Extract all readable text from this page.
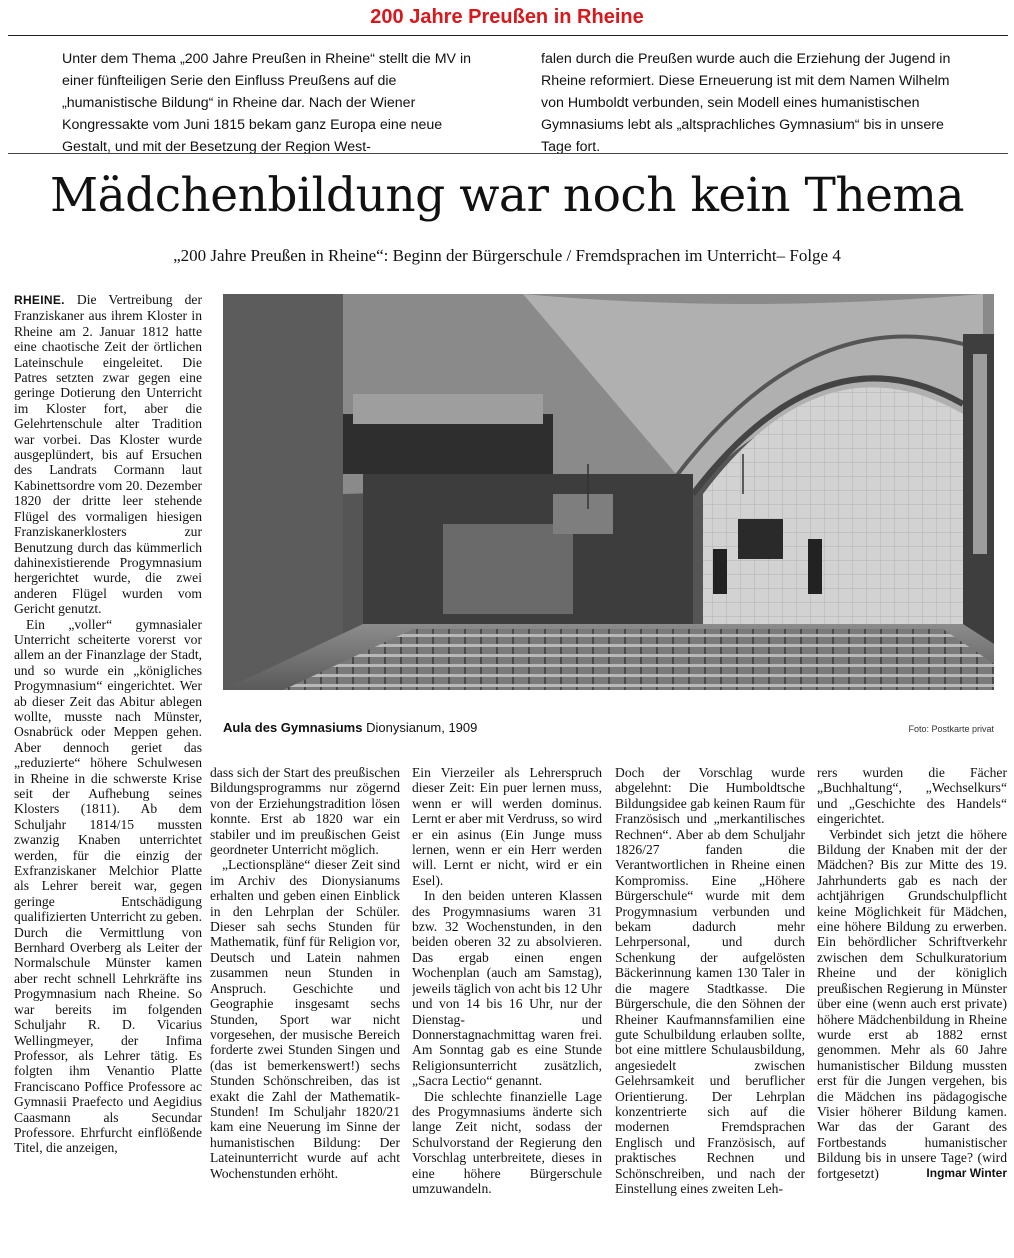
200 Jahre Preußen in Rheine
Unter dem Thema „200 Jahre Preußen in Rheine“ stellt die MV in einer fünfteiligen Serie den Einfluss Preußens auf die „humanistische Bildung“ in Rheine dar. Nach der Wiener Kongressakte vom Juni 1815 bekam ganz Europa eine neue Gestalt, und mit der Besetzung der Region West-
falen durch die Preußen wurde auch die Erziehung der Jugend in Rheine reformiert. Diese Erneuerung ist mit dem Namen Wilhelm von Humboldt verbunden, sein Modell eines humanistischen Gymnasiums lebt als „altsprachliches Gymnasium“ bis in unsere Tage fort.
Mädchenbildung war noch kein Thema
„200 Jahre Preußen in Rheine“: Beginn der Bürgerschule / Fremdsprachen im Unterricht– Folge 4

RHEINE. Die Vertreibung der Franziskaner aus ihrem Kloster in Rheine am 2. Januar 1812 hatte eine chaotische Zeit der örtlichen Lateinschule eingeleitet. Die Patres setzten zwar gegen eine geringe Dotierung den Unterricht im Kloster fort, aber die Gelehrtenschule alter Tradition war vorbei. Das Kloster wurde ausgeplündert, bis auf Ersuchen des Landrats Cormann laut Kabinettsordre vom 20. Dezember 1820 der dritte leer stehende Flügel des vormaligen hiesigen Franziskanerklosters zur Benutzung durch das kümmerlich dahinexistierende Progymnasium hergerichtet wurde, die zwei anderen Flügel wurden vom Gericht genutzt.

Ein „voller“ gymnasialer Unterricht scheiterte vorerst vor allem an der Finanzlage der Stadt, und so wurde ein „königliches Progymnasium“ eingerichtet. Wer ab dieser Zeit das Abitur ablegen wollte, musste nach Münster, Osnabrück oder Meppen gehen. Aber dennoch geriet das „reduzierte“ höhere Schulwesen in Rheine in die schwerste Krise seit der Aufhebung seines Klosters (1811). Ab dem Schuljahr 1814/15 mussten zwanzig Knaben unterrichtet werden, für die einzig der Exfranziskaner Melchior Platte als Lehrer bereit war, gegen geringe Entschädigung qualifizierten Unterricht zu geben. Durch die Vermittlung von Bernhard Overberg als Leiter der Normalschule Münster kamen aber recht schnell Lehrkräfte ins Progymnasium nach Rheine. So war bereits im folgenden Schuljahr R. D. Vicarius Wellingmeyer, der Infima Professor, als Lehrer tätig. Es folgten ihm Venantio Platte Franciscano Poffice Professore ac Gymnasii Praefecto und Aegidius Caasmann als Secundar Professore. Ehrfurcht einflößende Titel, die anzeigen,

Aula des Gymnasiums Dionysianum, 1909	Foto: Postkarte privat

dass sich der Start des preußischen Bildungsprogramms nur zögernd von der Erziehungstradition lösen konnte. Erst ab 1820 war ein stabiler und im preußischen Geist geordneter Unterricht möglich.

„Lectionspläne“ dieser Zeit sind im Archiv des Dionysianums erhalten und geben einen Einblick in den Lehrplan der Schüler. Dieser sah sechs Stunden für Mathematik, fünf für Religion vor, Deutsch und Latein nahmen zusammen neun Stunden in Anspruch. Geschichte und Geographie insgesamt sechs Stunden, Sport war nicht vorgesehen, der musische Bereich forderte zwei Stunden Singen und (das ist bemerkenswert!) sechs Stunden Schönschreiben, das ist exakt die Zahl der Mathematik-Stunden! Im Schuljahr 1820/21 kam eine Neuerung im Sinne der humanistischen Bildung: Der Lateinunterricht wurde auf acht Wochenstunden erhöht.

Ein Vierzeiler als Lehrerspruch dieser Zeit: Ein puer lernen muss, wenn er will werden dominus. Lernt er aber mit Verdruss, so wird er ein asinus (Ein Junge muss lernen, wenn er ein Herr werden will. Lernt er nicht, wird er ein Esel).

In den beiden unteren Klassen des Progymnasiums waren 31 bzw. 32 Wochenstunden, in den beiden oberen 32 zu absolvieren. Das ergab einen engen Wochenplan (auch am Samstag), jeweils täglich von acht bis 12 Uhr und von 14 bis 16 Uhr, nur der Dienstag- und Donnerstagnachmittag waren frei. Am Sonntag gab es eine Stunde Religionsunterricht zusätzlich, „Sacra Lectio“ genannt.

Die schlechte finanzielle Lage des Progymnasiums änderte sich lange Zeit nicht, sodass der Schulvorstand der Regierung den Vorschlag unterbreitete, dieses in eine höhere Bürgerschule umzuwandeln.

Doch der Vorschlag wurde abgelehnt: Die Humboldtsche Bildungsidee gab keinen Raum für Französisch und „merkantilisches Rechnen“. Aber ab dem Schuljahr 1826/27 fanden die Verantwortlichen in Rheine einen Kompromiss. Eine „Höhere Bürgerschule“ wurde mit dem Progymnasium verbunden und bekam dadurch mehr Lehrpersonal, und durch Schenkung der aufgelösten Bäckerinnung kamen 130 Taler in die magere Stadtkasse. Die Bürgerschule, die den Söhnen der Rheiner Kaufmannsfamilien eine gute Schulbildung erlauben sollte, bot eine mittlere Schulausbildung, angesiedelt zwischen Gelehrsamkeit und beruflicher Orientierung. Der Lehrplan konzentrierte sich auf die modernen Fremdsprachen Englisch und Französisch, auf praktisches Rechnen und Schönschreiben, und nach der Einstellung eines zweiten Leh-

rers wurden die Fächer „Buchhaltung“, „Wechselkurs“ und „Geschichte des Handels“ eingerichtet.

Verbindet sich jetzt die höhere Bildung der Knaben mit der der Mädchen? Bis zur Mitte des 19. Jahrhunderts gab es nach der achtjährigen Grundschulpflicht keine Möglichkeit für Mädchen, eine höhere Bildung zu erwerben. Ein behördlicher Schriftverkehr zwischen dem Schulkuratorium Rheine und der königlich preußischen Regierung in Münster über eine (wenn auch erst private) höhere Mädchenbildung in Rheine wurde erst ab 1882 ernst genommen. Mehr als 60 Jahre humanistischer Bildung mussten erst für die Jungen vergehen, bis die Mädchen ins pädagogische Visier höherer Bildung kamen. War das der Garant des Fortbestands humanistischer Bildung bis in unsere Tage? (wird fortgesetzt)	Ingmar Winter
